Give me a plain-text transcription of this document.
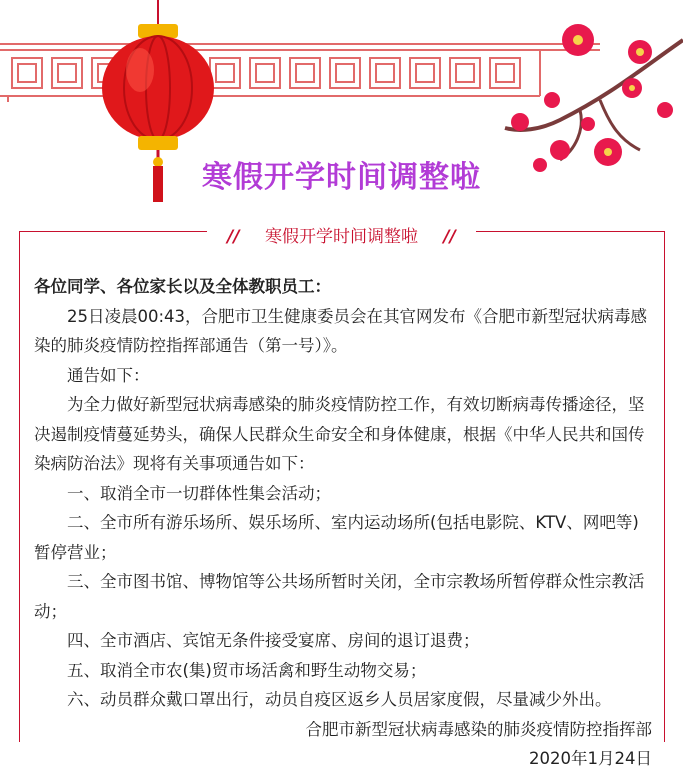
寒假开学时间调整啦
// 寒假开学时间调整啦 //

各位同学、各位家长以及全体教职员工：

25日凌晨00:43，合肥市卫生健康委员会在其官网发布《合肥市新型冠状病毒感染的肺炎疫情防控指挥部通告（第一号）》。

通告如下：

为全力做好新型冠状病毒感染的肺炎疫情防控工作，有效切断病毒传播途径，坚决遏制疫情蔓延势头，确保人民群众生命安全和身体健康，根据《中华人民共和国传染病防治法》现将有关事项通告如下：

一、取消全市一切群体性集会活动；

二、全市所有游乐场所、娱乐场所、室内运动场所(包括电影院、KTV、网吧等)暂停营业；

三、全市图书馆、博物馆等公共场所暂时关闭，全市宗教场所暂停群众性宗教活动；

四、全市酒店、宾馆无条件接受宴席、房间的退订退费；

五、取消全市农(集)贸市场活禽和野生动物交易；

六、动员群众戴口罩出行，动员自疫区返乡人员居家度假，尽量减少外出。

合肥市新型冠状病毒感染的肺炎疫情防控指挥部

2020年1月24日
